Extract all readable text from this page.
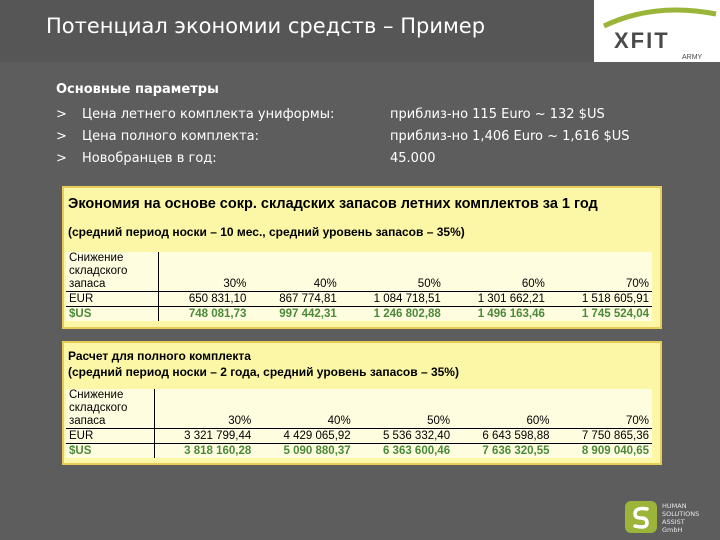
Потенциал экономии средств – Пример
XFIT
ARMY
Основные параметры
> Цена летнего комплекта униформы:	приблиз-но 115 Euro ~ 132 $US
> Цена полного комплекта:	приблиз-но 1,406 Euro ~ 1,616 $US
> Новобранцев в год:	45.000
Экономия на основе сокр. складских запасов летних комплектов за 1 год
(средний период носки – 10 мес., средний уровень запасов – 35%)
Снижение
складского
запаса	30%	40%	50%	60%	70%
EUR	650 831,10	867 774,81	1 084 718,51	1 301 662,21	1 518 605,91
$US	748 081,73	997 442,31	1 246 802,88	1 496 163,46	1 745 524,04
Расчет для полного комплекта
(средний период носки – 2 года, средний уровень запасов – 35%)
Снижение
складского
запаса	30%	40%	50%	60%	70%
EUR	3 321 799,44	4 429 065,92	5 536 332,40	6 643 598,88	7 750 865,36
$US	3 818 160,28	5 090 880,37	6 363 600,46	7 636 320,55	8 909 040,65
HUMAN
SOLUTIONS
ASSIST
GmbH
